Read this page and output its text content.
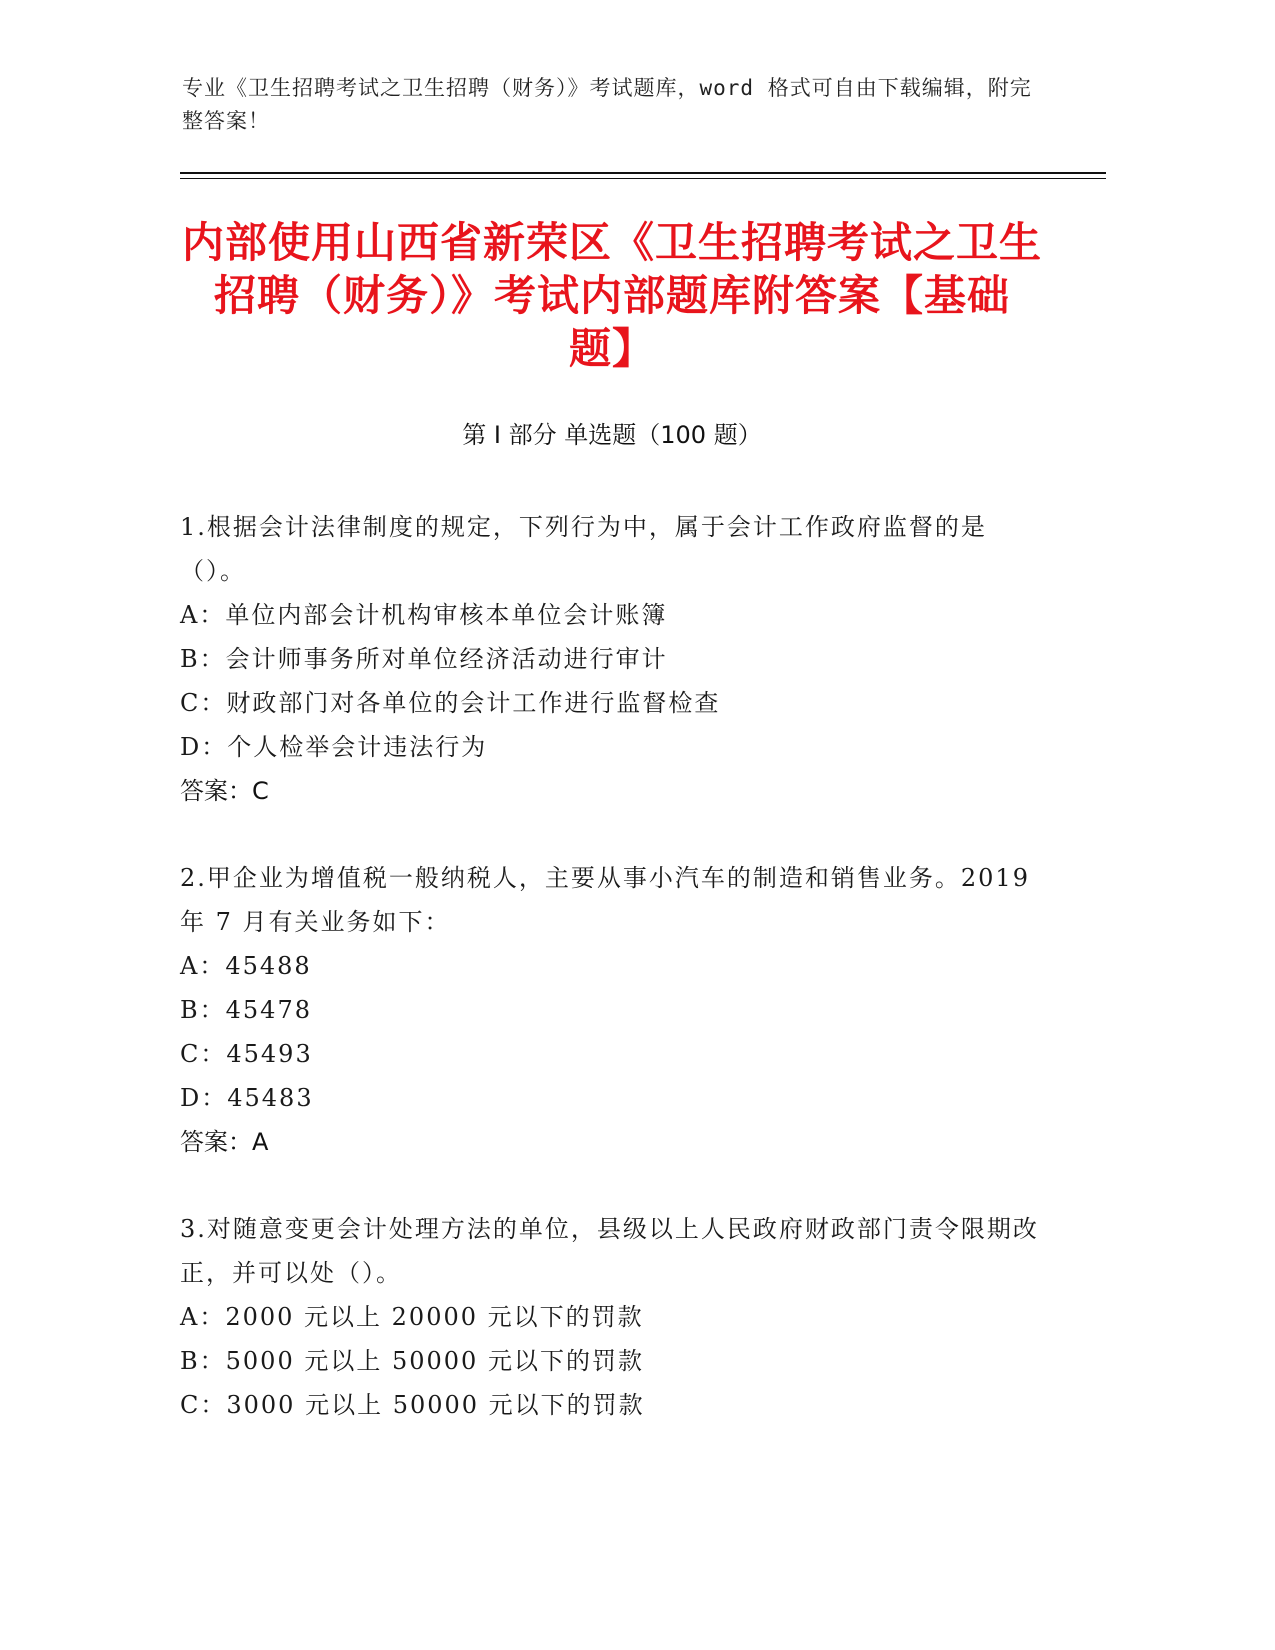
专业《卫生招聘考试之卫生招聘（财务）》考试题库，word 格式可自由下载编辑，附完整答案！
内部使用山西省新荣区《卫生招聘考试之卫生招聘（财务）》考试内部题库附答案【基础题】
第 I 部分 单选题（100 题）

1.根据会计法律制度的规定，下列行为中，属于会计工作政府监督的是（）。

A：单位内部会计机构审核本单位会计账簿

B：会计师事务所对单位经济活动进行审计

C：财政部门对各单位的会计工作进行监督检查

D：个人检举会计违法行为

答案：C

2.甲企业为增值税一般纳税人，主要从事小汽车的制造和销售业务。2019 年 7 月有关业务如下：

A：45488

B：45478

C：45493

D：45483

答案：A

3.对随意变更会计处理方法的单位，县级以上人民政府财政部门责令限期改正，并可以处（）。

A：2000 元以上 20000 元以下的罚款

B：5000 元以上 50000 元以下的罚款

C：3000 元以上 50000 元以下的罚款
